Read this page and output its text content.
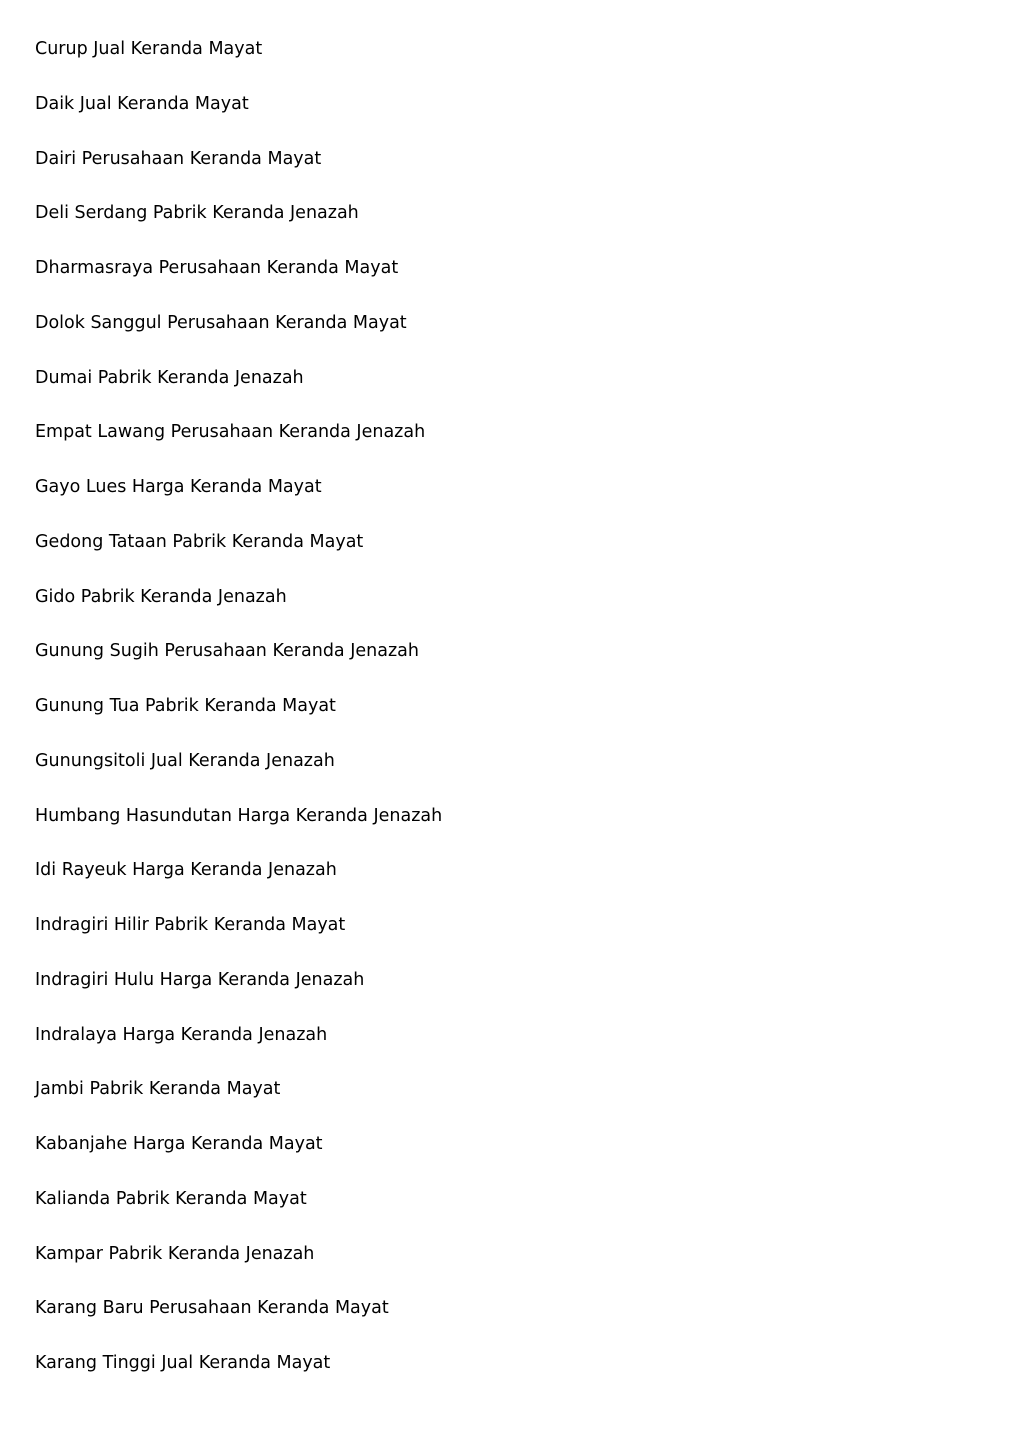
Curup Jual Keranda Mayat
Daik Jual Keranda Mayat
Dairi Perusahaan Keranda Mayat
Deli Serdang Pabrik Keranda Jenazah
Dharmasraya Perusahaan Keranda Mayat
Dolok Sanggul Perusahaan Keranda Mayat
Dumai Pabrik Keranda Jenazah
Empat Lawang Perusahaan Keranda Jenazah
Gayo Lues Harga Keranda Mayat
Gedong Tataan Pabrik Keranda Mayat
Gido Pabrik Keranda Jenazah
Gunung Sugih Perusahaan Keranda Jenazah
Gunung Tua Pabrik Keranda Mayat
Gunungsitoli Jual Keranda Jenazah
Humbang Hasundutan Harga Keranda Jenazah
Idi Rayeuk Harga Keranda Jenazah
Indragiri Hilir Pabrik Keranda Mayat
Indragiri Hulu Harga Keranda Jenazah
Indralaya Harga Keranda Jenazah
Jambi Pabrik Keranda Mayat
Kabanjahe Harga Keranda Mayat
Kalianda Pabrik Keranda Mayat
Kampar Pabrik Keranda Jenazah
Karang Baru Perusahaan Keranda Mayat
Karang Tinggi Jual Keranda Mayat
